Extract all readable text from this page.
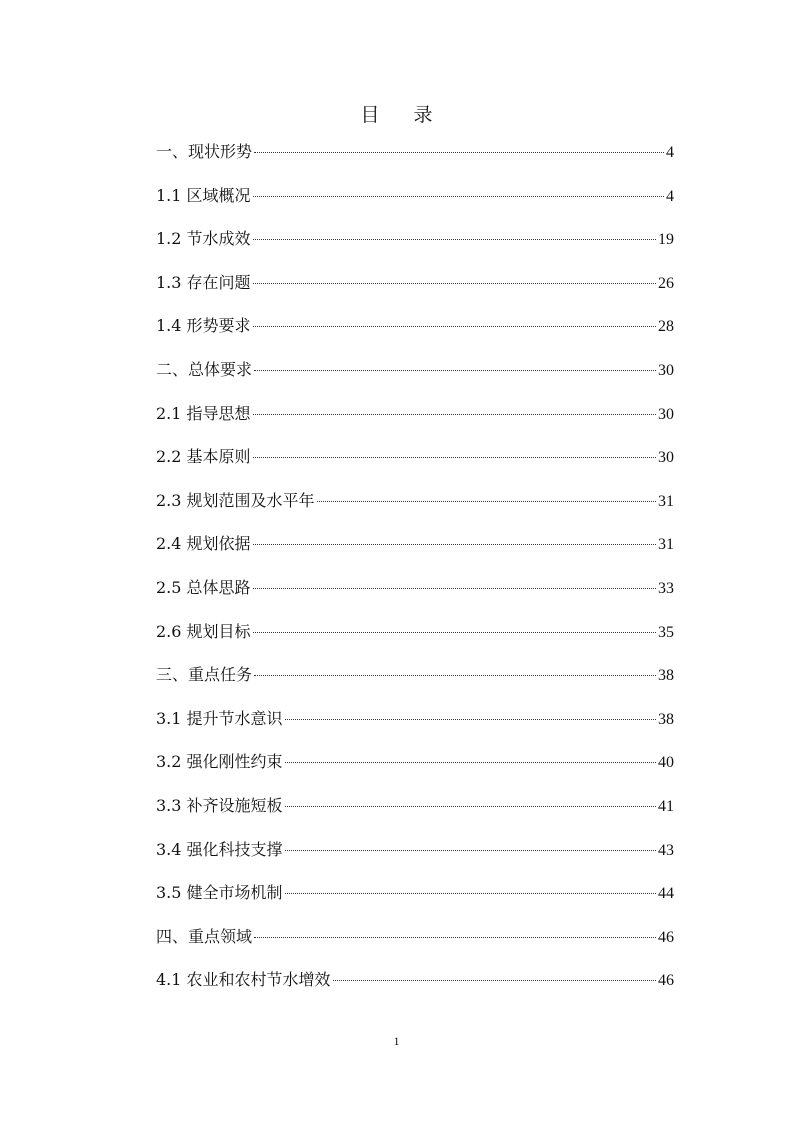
目 录
一、现状形势	4
1.1 区域概况	4
1.2 节水成效	19
1.3 存在问题	26
1.4 形势要求	28
二、总体要求	30
2.1 指导思想	30
2.2 基本原则	30
2.3 规划范围及水平年	31
2.4 规划依据	31
2.5 总体思路	33
2.6 规划目标	35
三、重点任务	38
3.1 提升节水意识	38
3.2 强化刚性约束	40
3.3 补齐设施短板	41
3.4 强化科技支撑	43
3.5 健全市场机制	44
四、重点领域	46
4.1 农业和农村节水增效	46
1
